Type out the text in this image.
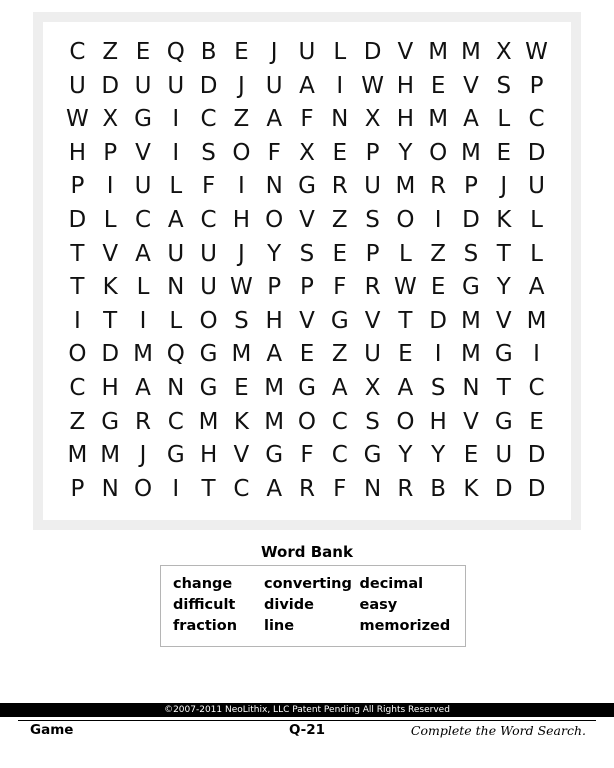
C Z E Q B E J U L D V M M X W
U D U U D J U A I W H E V S P
W X G I C Z A F N X H M A L C
H P V I S O F X E P Y O M E D
P I U L F I N G R U M R P J U
D L C A C H O V Z S O I D K L
T V A U U J Y S E P L Z S T L
T K L N U W P P F R W E G Y A
I T I L O S H V G V T D M V M
O D M Q G M A E Z U E I M G I
C H A N G E M G A X A S N T C
Z G R C M K M O C S O H V G E
M M J G H V G F C G Y Y E U D
P N O I T C A R F N R B K D D
Word Bank
change
difficult
fraction
converting
divide
line
decimal
easy
memorized
©2007-2011 NeoLithix, LLC Patent Pending All Rights Reserved
Game	Q-21	Complete the Word Search.
